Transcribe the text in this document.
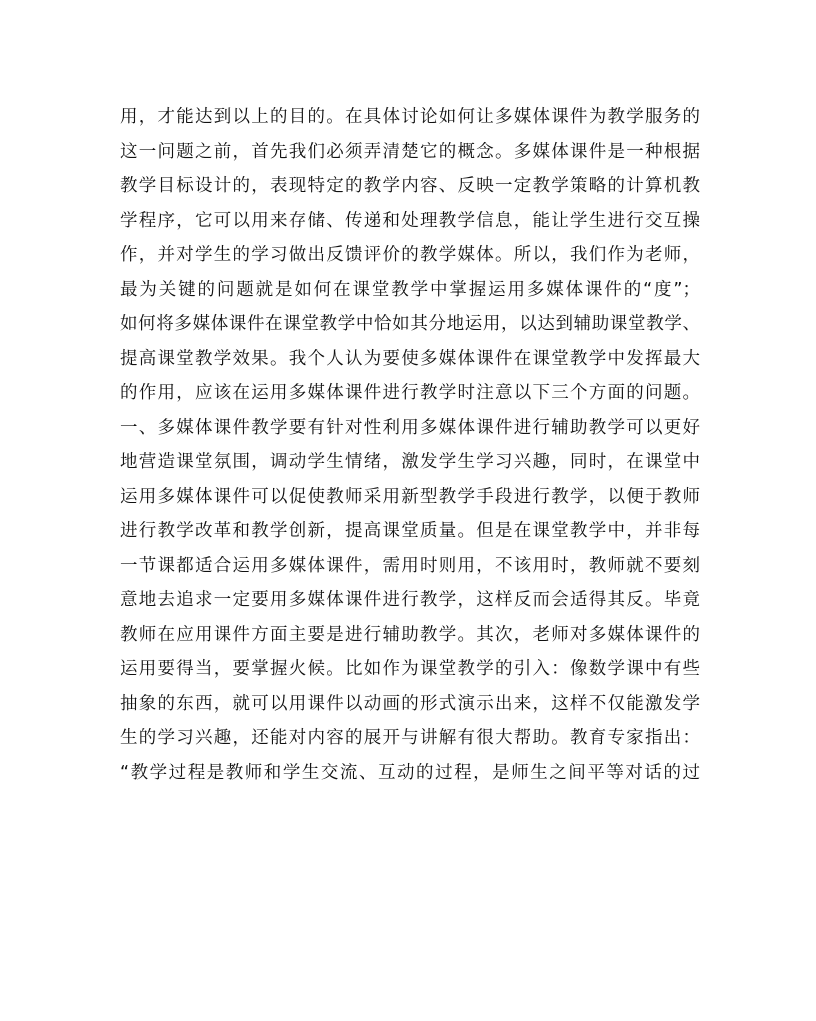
用，才能达到以上的目的。在具体讨论如何让多媒体课件为教学服务的
这一问题之前，首先我们必须弄清楚它的概念。多媒体课件是一种根据
教学目标设计的，表现特定的教学内容、反映一定教学策略的计算机教
学程序，它可以用来存储、传递和处理教学信息，能让学生进行交互操
作，并对学生的学习做出反馈评价的教学媒体。所以，我们作为老师，
最为关键的问题就是如何在课堂教学中掌握运用多媒体课件的“度”；
如何将多媒体课件在课堂教学中恰如其分地运用，以达到辅助课堂教学、
提高课堂教学效果。我个人认为要使多媒体课件在课堂教学中发挥最大
的作用，应该在运用多媒体课件进行教学时注意以下三个方面的问题。
一、多媒体课件教学要有针对性利用多媒体课件进行辅助教学可以更好
地营造课堂氛围，调动学生情绪，激发学生学习兴趣，同时，在课堂中
运用多媒体课件可以促使教师采用新型教学手段进行教学，以便于教师
进行教学改革和教学创新，提高课堂质量。但是在课堂教学中，并非每
一节课都适合运用多媒体课件，需用时则用，不该用时，教师就不要刻
意地去追求一定要用多媒体课件进行教学，这样反而会适得其反。毕竟
教师在应用课件方面主要是进行辅助教学。其次，老师对多媒体课件的
运用要得当，要掌握火候。比如作为课堂教学的引入：像数学课中有些
抽象的东西，就可以用课件以动画的形式演示出来，这样不仅能激发学
生的学习兴趣，还能对内容的展开与讲解有很大帮助。教育专家指出：
“教学过程是教师和学生交流、互动的过程，是师生之间平等对话的过
